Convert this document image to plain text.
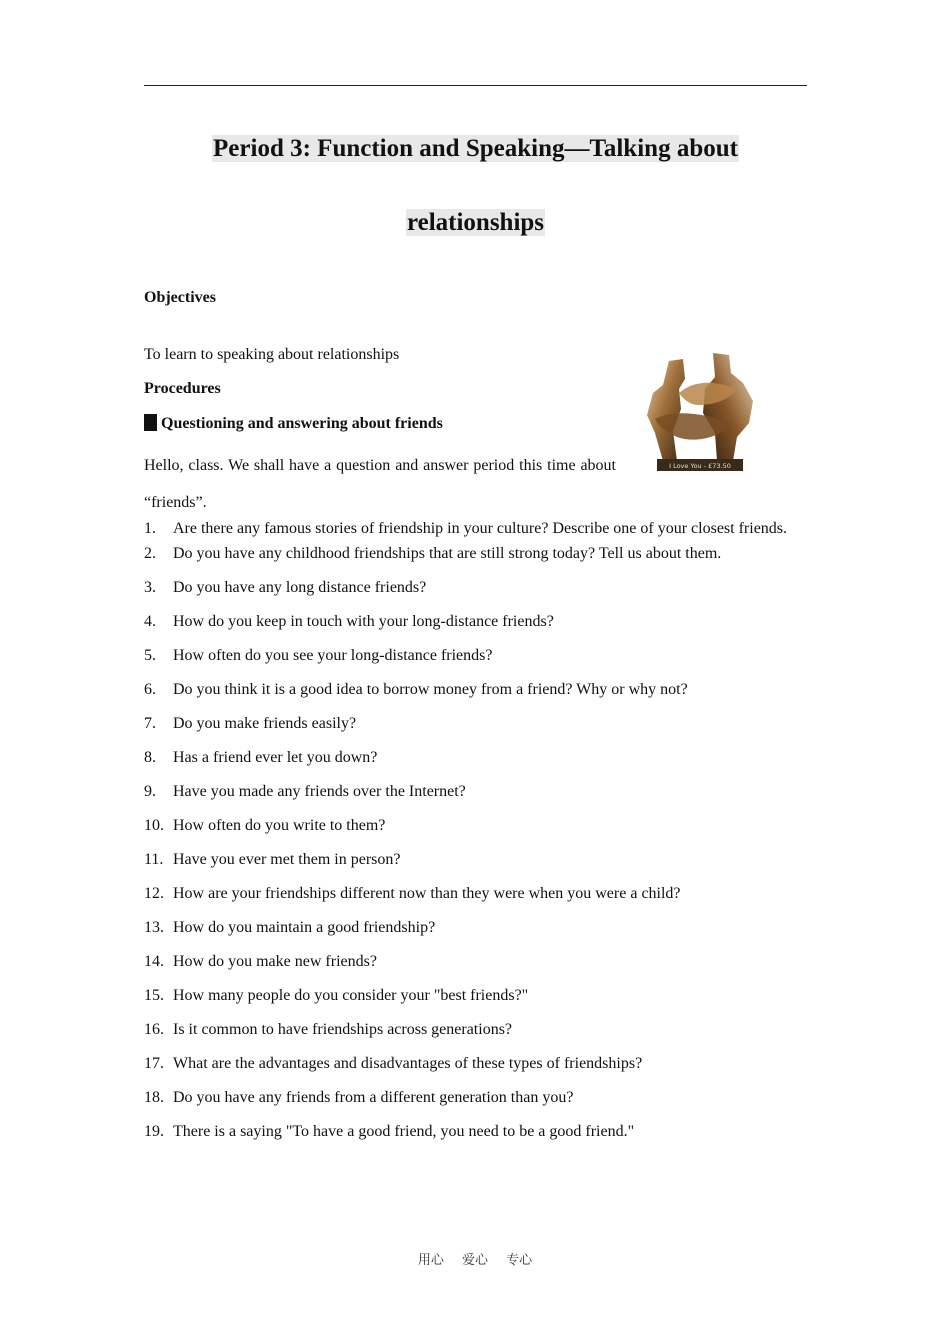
Period 3: Function and Speaking—Talking about
relationships
Objectives
To learn to speaking about relationships
Procedures
Questioning and answering about friends
Hello, class. We shall have a question and answer period this time about “friends”.
I Love You - £73.50
1. Are there any famous stories of friendship in your culture? Describe one of your closest friends.
2. Do you have any childhood friendships that are still strong today? Tell us about them.
3. Do you have any long distance friends?
4. How do you keep in touch with your long-distance friends?
5. How often do you see your long-distance friends?
6. Do you think it is a good idea to borrow money from a friend? Why or why not?
7. Do you make friends easily?
8. Has a friend ever let you down?
9. Have you made any friends over the Internet?
10. How often do you write to them?
11. Have you ever met them in person?
12. How are your friendships different now than they were when you were a child?
13. How do you maintain a good friendship?
14. How do you make new friends?
15. How many people do you consider your "best friends?"
16. Is it common to have friendships across generations?
17. What are the advantages and disadvantages of these types of friendships?
18. Do you have any friends from a different generation than you?
19. There is a saying "To have a good friend, you need to be a good friend."
用心 爱心 专心
